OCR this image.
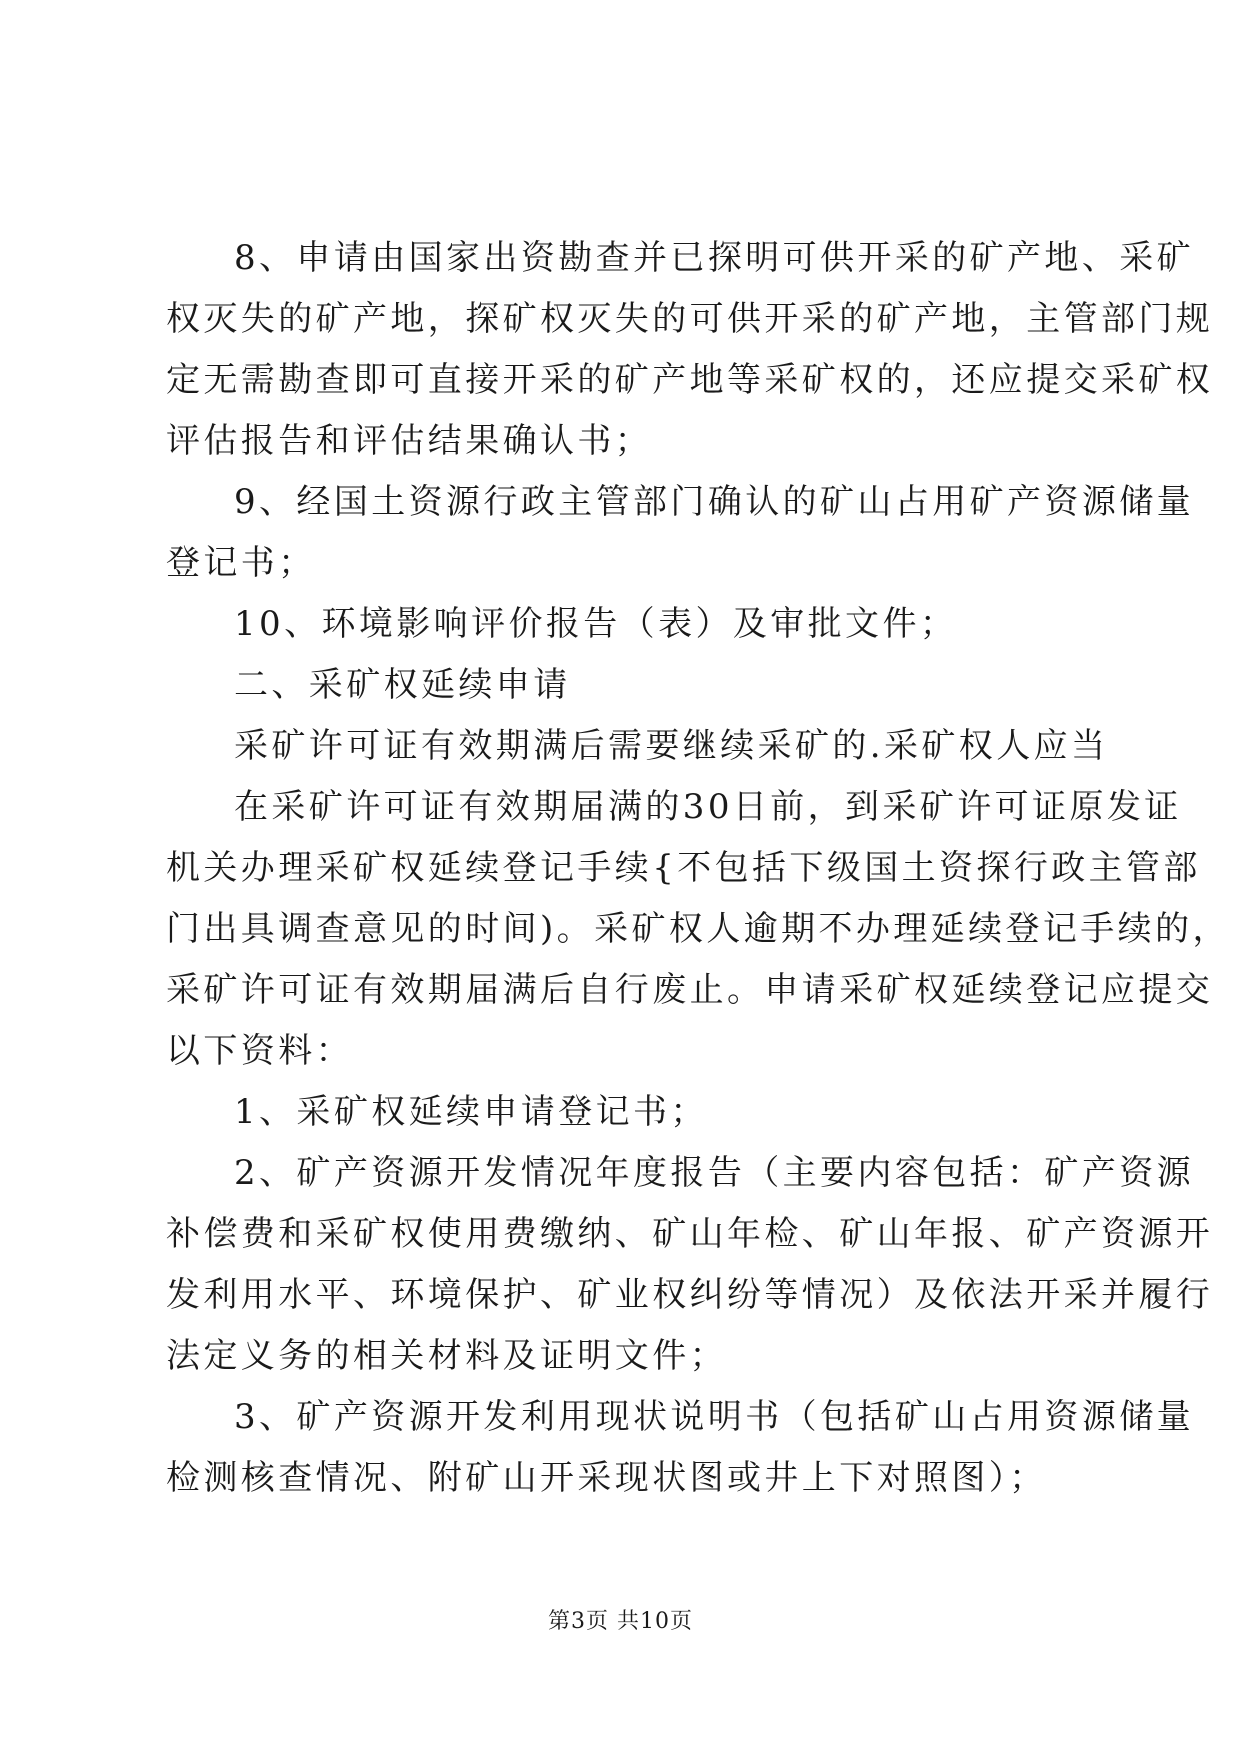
8、申请由国家出资勘查并已探明可供开采的矿产地、采矿
权灭失的矿产地，探矿权灭失的可供开采的矿产地，主管部门规
定无需勘查即可直接开采的矿产地等采矿权的，还应提交采矿权
评估报告和评估结果确认书；
9、经国土资源行政主管部门确认的矿山占用矿产资源储量
登记书；
10、环境影响评价报告（表）及审批文件；
二、采矿权延续申请
采矿许可证有效期满后需要继续采矿的.采矿权人应当
在采矿许可证有效期届满的30日前，到采矿许可证原发证
机关办理采矿权延续登记手续{不包括下级国土资探行政主管部
门出具调查意见的时间)。采矿权人逾期不办理延续登记手续的，
采矿许可证有效期届满后自行废止。申请采矿权延续登记应提交
以下资料：
1、采矿权延续申请登记书；
2、矿产资源开发情况年度报告（主要内容包括：矿产资源
补偿费和采矿权使用费缴纳、矿山年检、矿山年报、矿产资源开
发利用水平、环境保护、矿业权纠纷等情况）及依法开采并履行
法定义务的相关材料及证明文件；
3、矿产资源开发利用现状说明书（包括矿山占用资源储量
检测核查情况、附矿山开采现状图或井上下对照图）；
第3页 共10页
